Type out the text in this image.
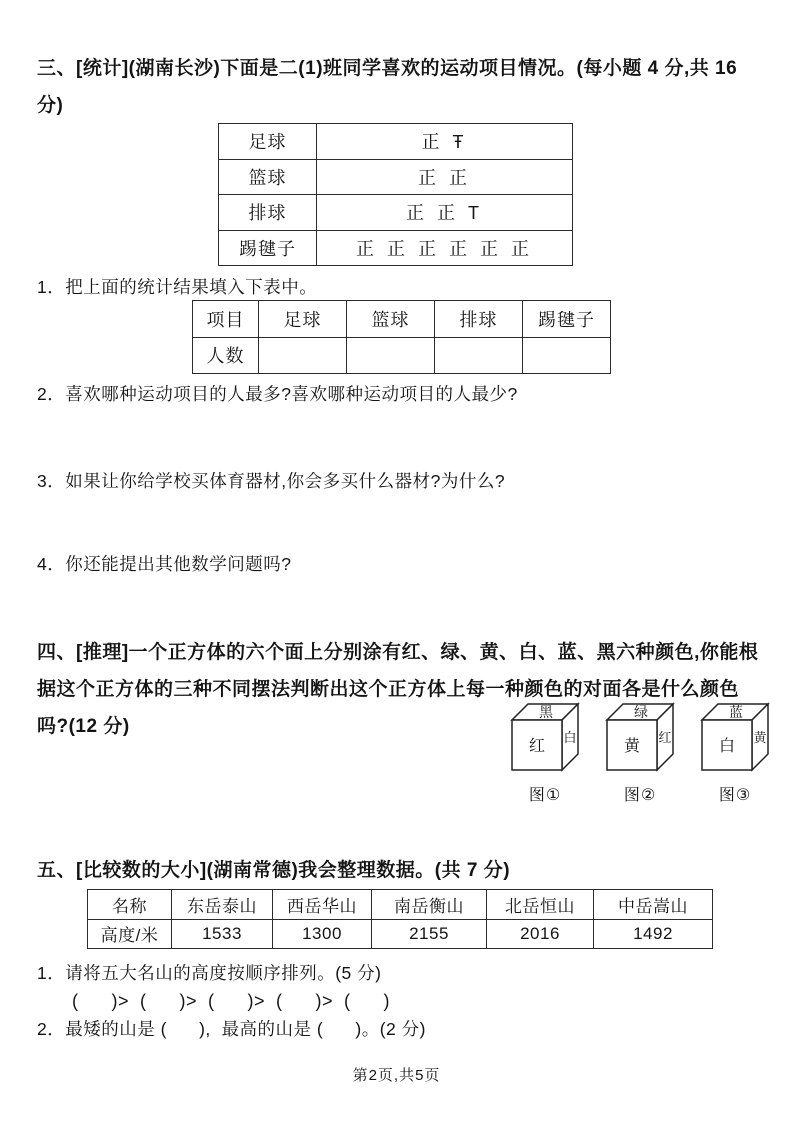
三、[统计](湖南长沙)下面是二(1)班同学喜欢的运动项目情况。(每小题 4 分,共 16 分)
足球	正 Ŧ
篮球	正 正
排球	正 正 T
踢毽子	正 正 正 正 正 正
1．把上面的统计结果填入下表中。
项目	足球	篮球	排球	踢毽子
人数				
2．喜欢哪种运动项目的人最多?喜欢哪种运动项目的人最少?
3．如果让你给学校买体育器材,你会多买什么器材?为什么?
4．你还能提出其他数学问题吗?
四、[推理]一个正方体的六个面上分别涂有红、绿、黄、白、蓝、黑六种颜色,你能根据这个正方体的三种不同摆法判断出这个正方体上每一种颜色的对面各是什么颜色吗?(12 分)
黑
红
白
图①
绿
黄
红
图②
蓝
白
黄
图③
五、[比较数的大小](湖南常德)我会整理数据。(共 7 分)
名称	东岳泰山	西岳华山	南岳衡山	北岳恒山	中岳嵩山
高度/米	1533	1300	2155	2016	1492
1．请将五大名山的高度按顺序排列。(5 分)
(      )>  (      )>  (      )>  (      )>  (      )
2．最矮的山是 (      ),  最高的山是 (      )。(2 分)
第2页,共5页
